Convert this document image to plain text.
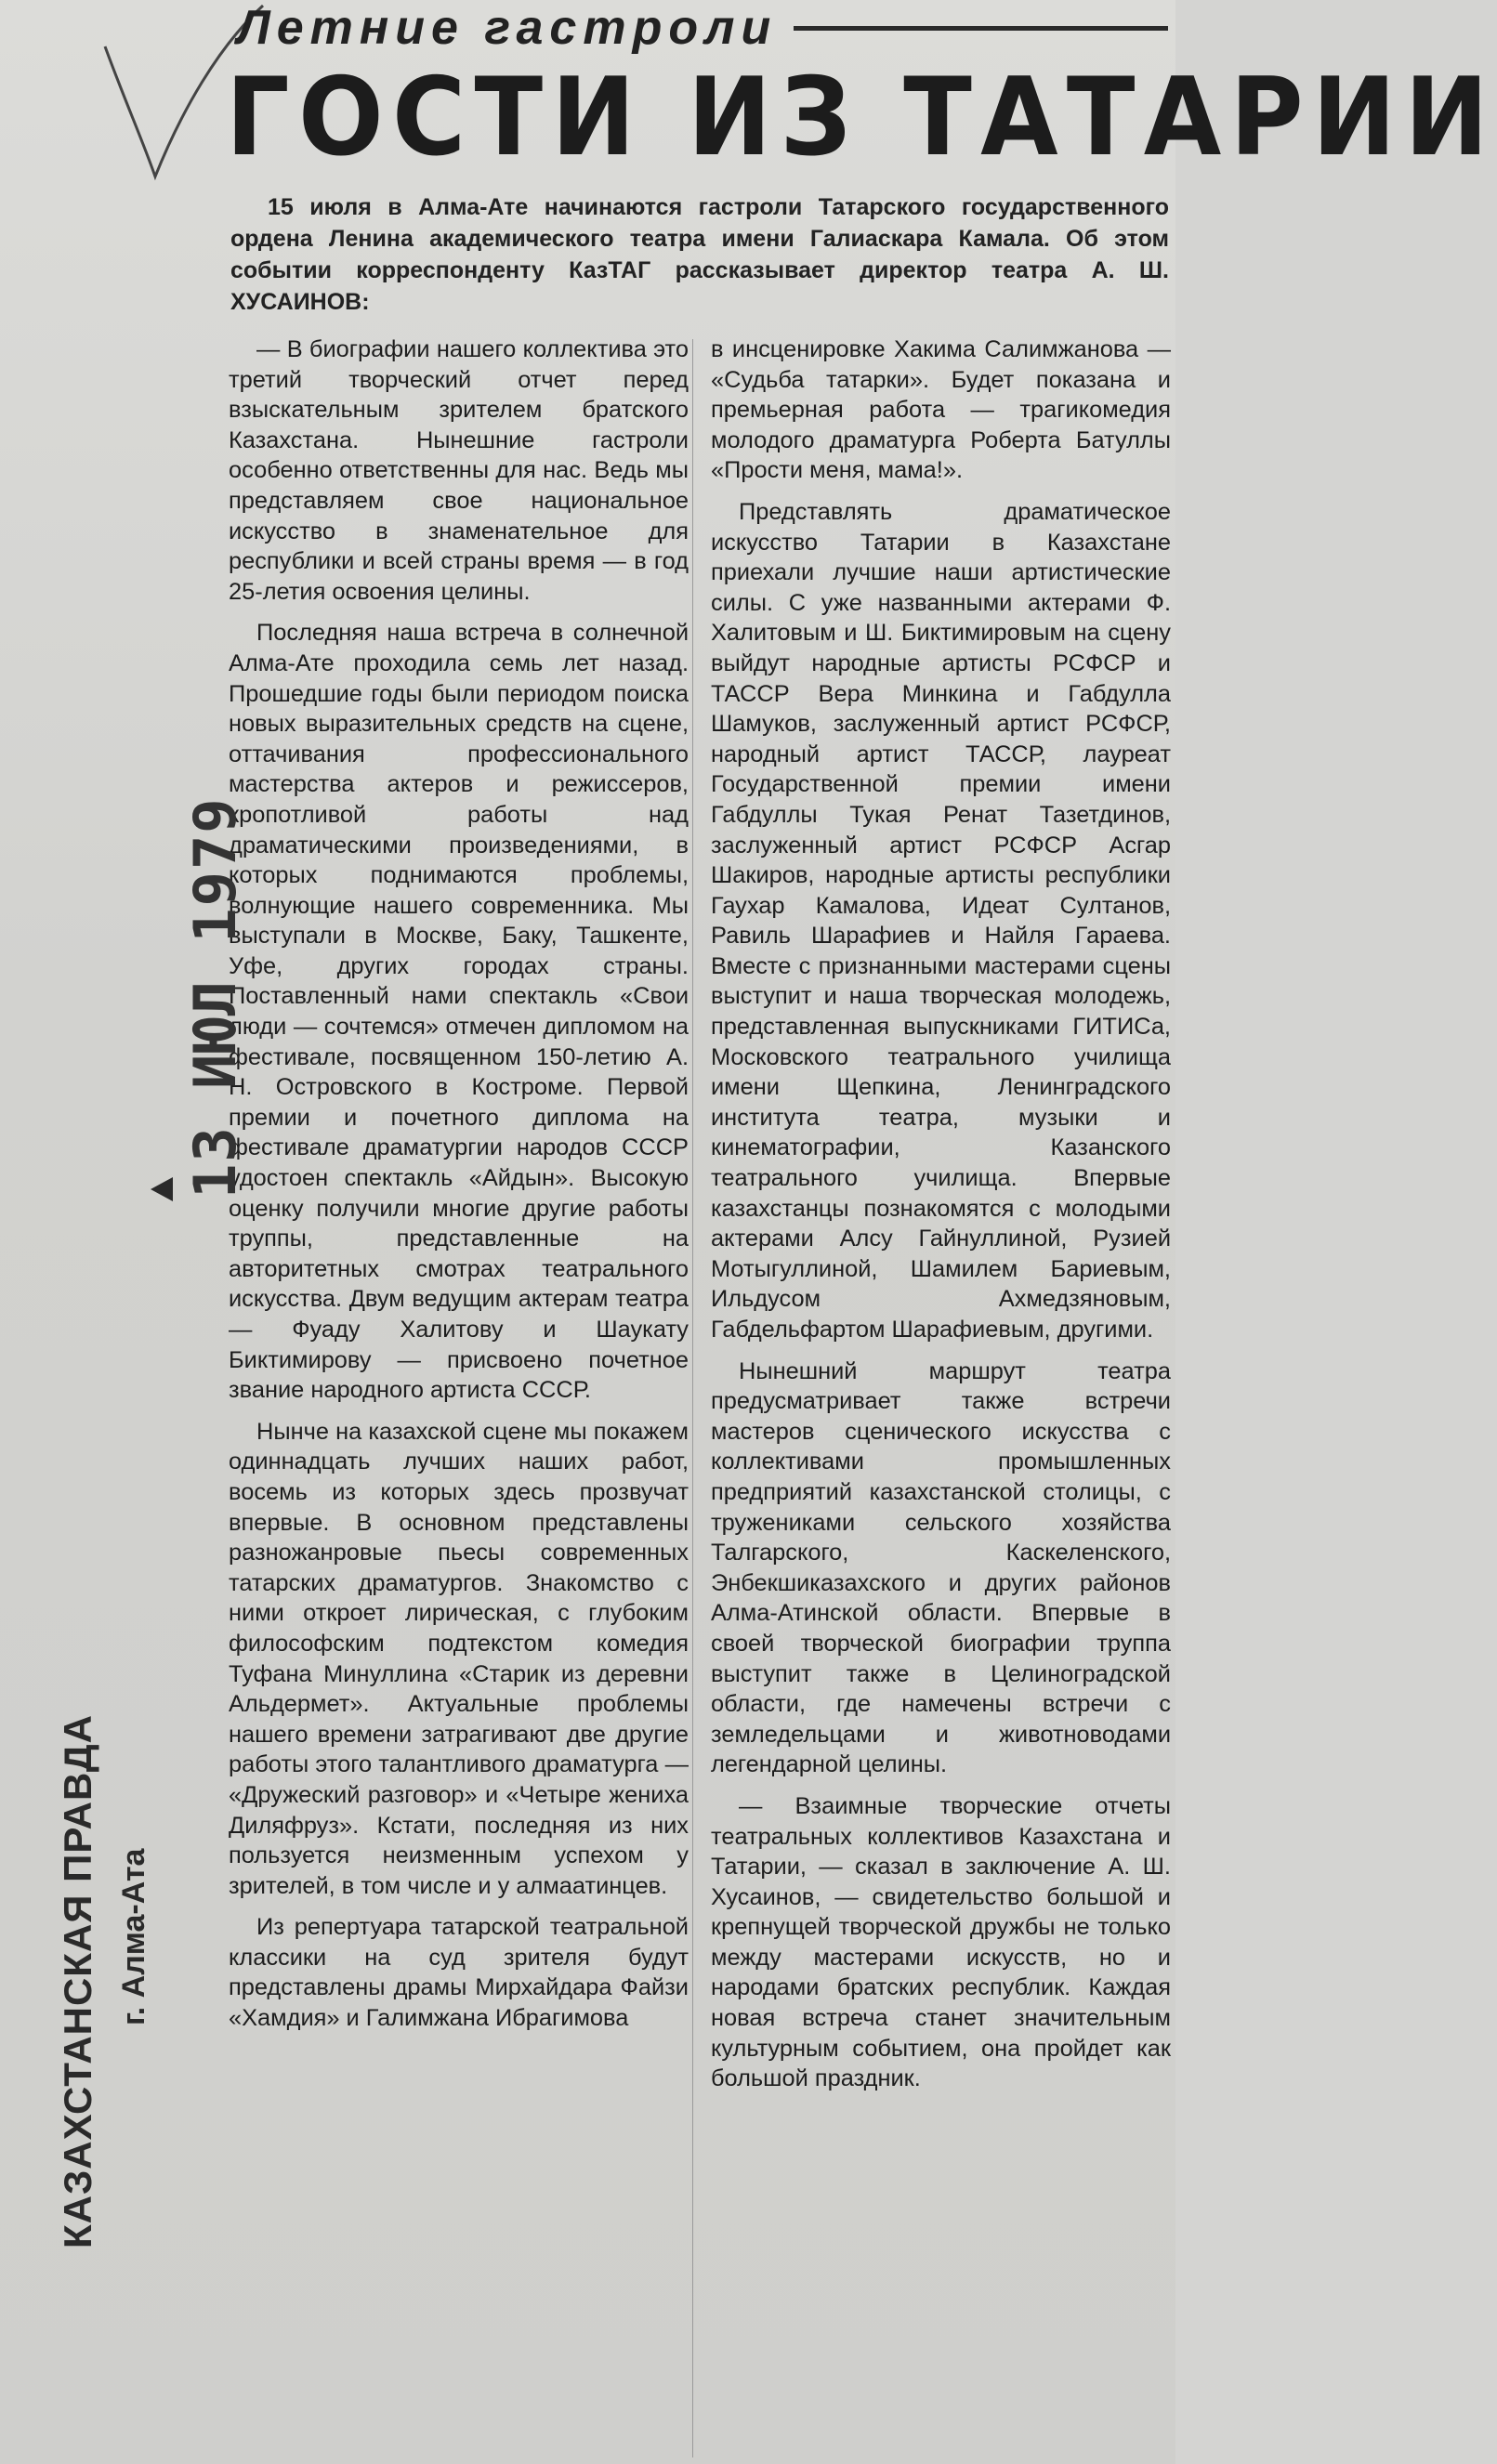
Летние гастроли
ГОСТИ ИЗ ТАТАРИИ
15 июля в Алма-Ате начинаются гастроли Татарского государственного ордена Ленина академического театра имени Галиаскара Камала. Об этом событии корреспонденту КазТАГ рассказывает директор театра А. Ш. ХУСАИНОВ:

— В биографии нашего коллектива это третий творческий отчет перед взыскательным зрителем братского Казахстана. Нынешние гастроли особенно ответственны для нас. Ведь мы представляем свое национальное искусство в знаменательное для республики и всей страны время — в год 25-летия освоения целины.

Последняя наша встреча в солнечной Алма-Ате проходила семь лет назад. Прошедшие годы были периодом поиска новых выразительных средств на сцене, оттачивания профессионального мастерства актеров и режиссеров, кропотливой работы над драматическими произведениями, в которых поднимаются проблемы, волнующие нашего современника. Мы выступали в Москве, Баку, Ташкенте, Уфе, других городах страны. Поставленный нами спектакль «Свои люди — сочтемся» отмечен дипломом на фестивале, посвященном 150-летию А. Н. Островского в Костроме. Первой премии и почетного диплома на фестивале драматургии народов СССР удостоен спектакль «Айдын». Высокую оценку получили многие другие работы труппы, представленные на авторитетных смотрах театрального искусства. Двум ведущим актерам театра — Фуаду Халитову и Шаукату Биктимирову — присвоено почетное звание народного артиста СССР.

Нынче на казахской сцене мы покажем одиннадцать лучших наших работ, восемь из которых здесь прозвучат впервые. В основном представлены разножанровые пьесы современных татарских драматургов. Знакомство с ними откроет лирическая, с глубоким философским подтекстом комедия Туфана Минуллина «Старик из деревни Альдермет». Актуальные проблемы нашего времени затрагивают две другие работы этого талантливого драматурга — «Дружеский разговор» и «Четыре жениха Диляфруз». Кстати, последняя из них пользуется неизменным успехом у зрителей, в том числе и у алмаатинцев.

Из репертуара татарской театральной классики на суд зрителя будут представлены драмы Мирхайдара Файзи «Хамдия» и Галимжана Ибрагимова

в инсценировке Хакима Салимжанова — «Судьба татарки». Будет показана и премьерная работа — трагикомедия молодого драматурга Роберта Батуллы «Прости меня, мама!».

Представлять драматическое искусство Татарии в Казахстане приехали лучшие наши артистические силы. С уже названными актерами Ф. Халитовым и Ш. Биктимировым на сцену выйдут народные артисты РСФСР и ТАССР Вера Минкина и Габдулла Шамуков, заслуженный артист РСФСР, народный артист ТАССР, лауреат Государственной премии имени Габдуллы Тукая Ренат Тазетдинов, заслуженный артист РСФСР Асгар Шакиров, народные артисты республики Гаухар Камалова, Идеат Султанов, Равиль Шарафиев и Найля Гараева. Вместе с признанными мастерами сцены выступит и наша творческая молодежь, представленная выпускниками ГИТИСа, Московского театрального училища имени Щепкина, Ленинградского института театра, музыки и кинематографии, Казанского театрального училища. Впервые казахстанцы познакомятся с молодыми актерами Алсу Гайнуллиной, Рузией Мотыгуллиной, Шамилем Бариевым, Ильдусом Ахмедзяновым, Габдельфартом Шарафиевым, другими.

Нынешний маршрут театра предусматривает также встречи мастеров сценического искусства с коллективами промышленных предприятий казахстанской столицы, с тружениками сельского хозяйства Талгарского, Каскеленского, Энбекшиказахского и других районов Алма-Атинской области. Впервые в своей творческой биографии труппа выступит также в Целиноградской области, где намечены встречи с земледельцами и животноводами легендарной целины.

— Взаимные творческие отчеты театральных коллективов Казахстана и Татарии, — сказал в заключение А. Ш. Хусаинов, — свидетельство большой и крепнущей творческой дружбы не только между мастерами искусств, но и народами братских республик. Каждая новая встреча станет значительным культурным событием, она пройдет как большой праздник.

13 ИЮЛ 1979
КАЗАХСТАНСКАЯ ПРАВДА г. Алма-Ата
